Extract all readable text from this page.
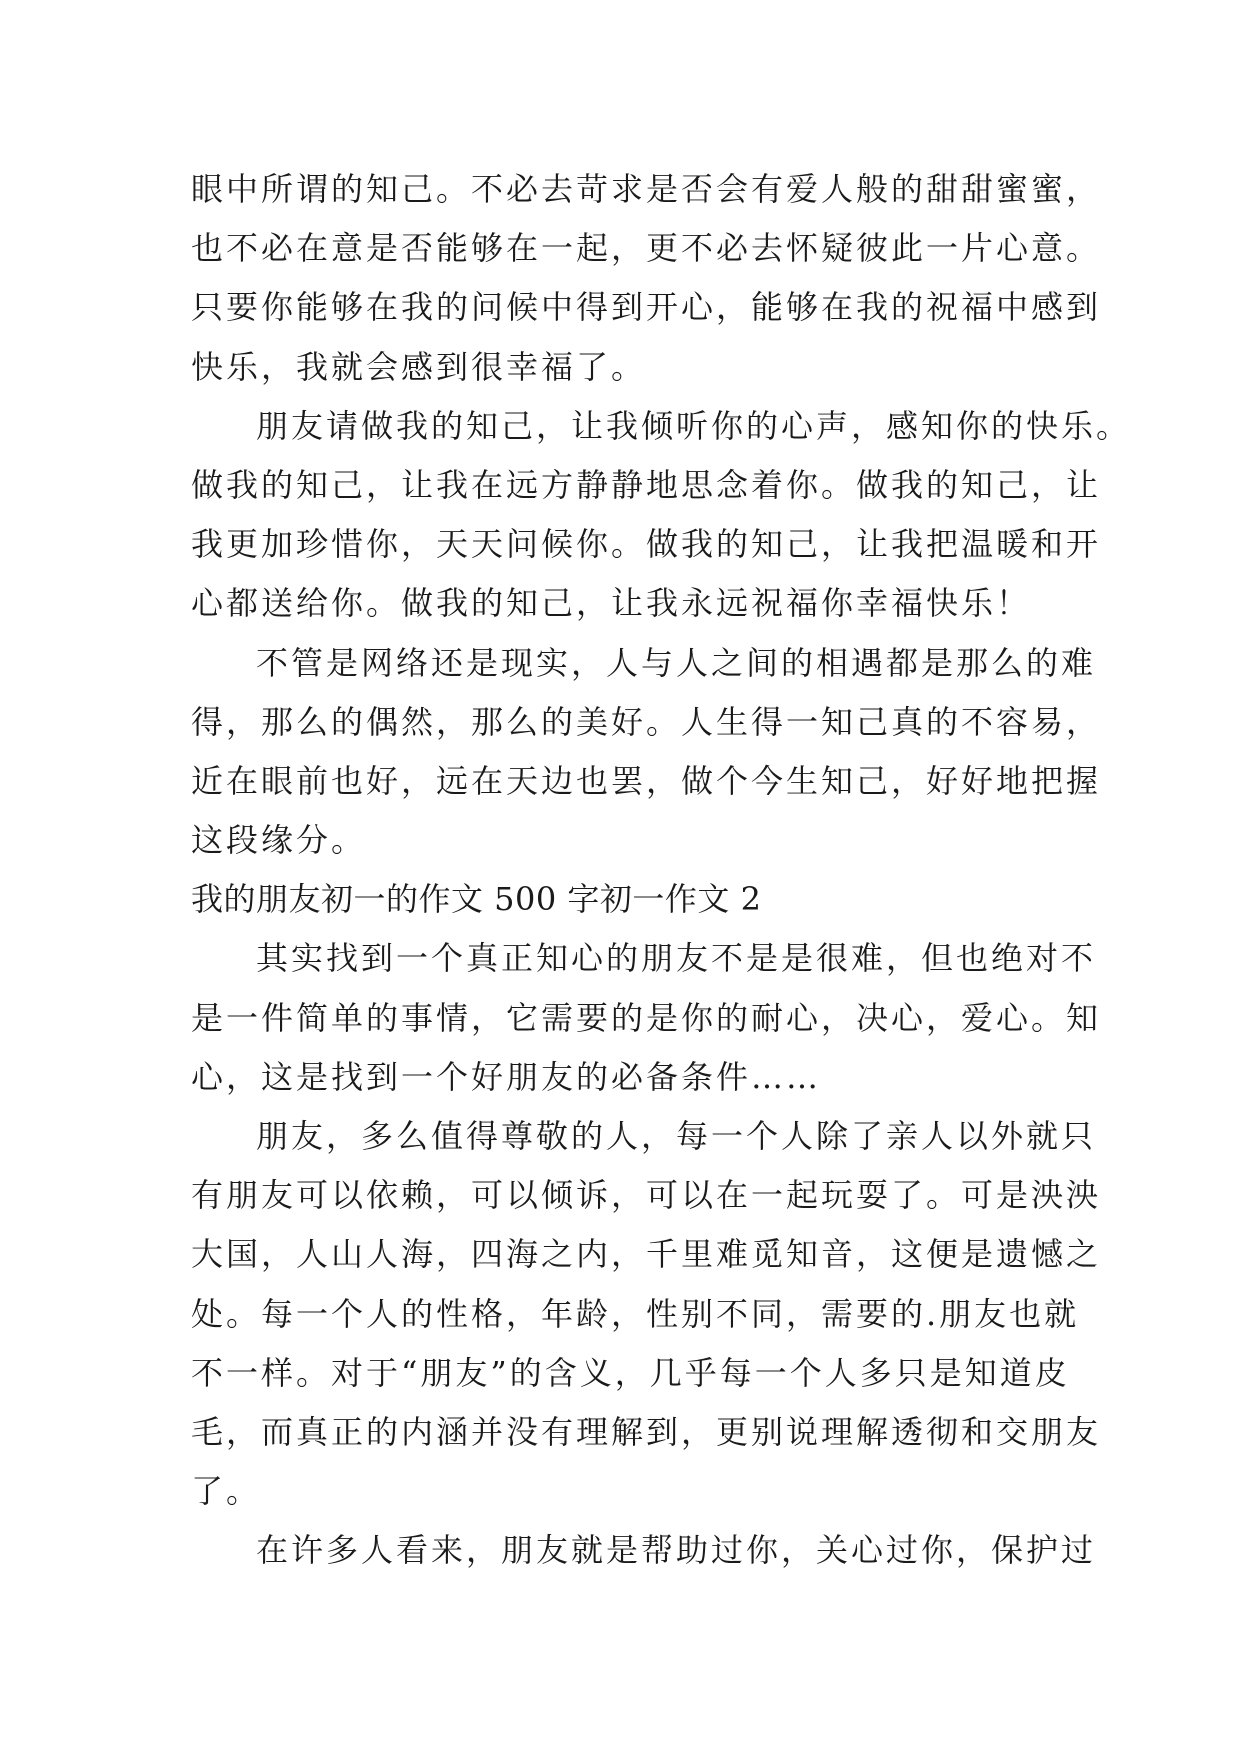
眼中所谓的知己。不必去苛求是否会有爱人般的甜甜蜜蜜，
也不必在意是否能够在一起，更不必去怀疑彼此一片心意。
只要你能够在我的问候中得到开心，能够在我的祝福中感到
快乐，我就会感到很幸福了。
朋友请做我的知己，让我倾听你的心声，感知你的快乐。
做我的知己，让我在远方静静地思念着你。做我的知己，让
我更加珍惜你，天天问候你。做我的知己，让我把温暖和开
心都送给你。做我的知己，让我永远祝福你幸福快乐！
不管是网络还是现实，人与人之间的相遇都是那么的难
得，那么的偶然，那么的美好。人生得一知己真的不容易，
近在眼前也好，远在天边也罢，做个今生知己，好好地把握
这段缘分。
我的朋友初一的作文 500 字初一作文 2
其实找到一个真正知心的朋友不是是很难，但也绝对不
是一件简单的事情，它需要的是你的耐心，决心，爱心。知
心，这是找到一个好朋友的必备条件……
朋友，多么值得尊敬的人，每一个人除了亲人以外就只
有朋友可以依赖，可以倾诉，可以在一起玩耍了。可是泱泱
大国，人山人海，四海之内，千里难觅知音，这便是遗憾之
处。每一个人的性格，年龄，性别不同，需要的.朋友也就
不一样。对于“朋友”的含义，几乎每一个人多只是知道皮
毛，而真正的内涵并没有理解到，更别说理解透彻和交朋友
了。
在许多人看来，朋友就是帮助过你，关心过你，保护过
